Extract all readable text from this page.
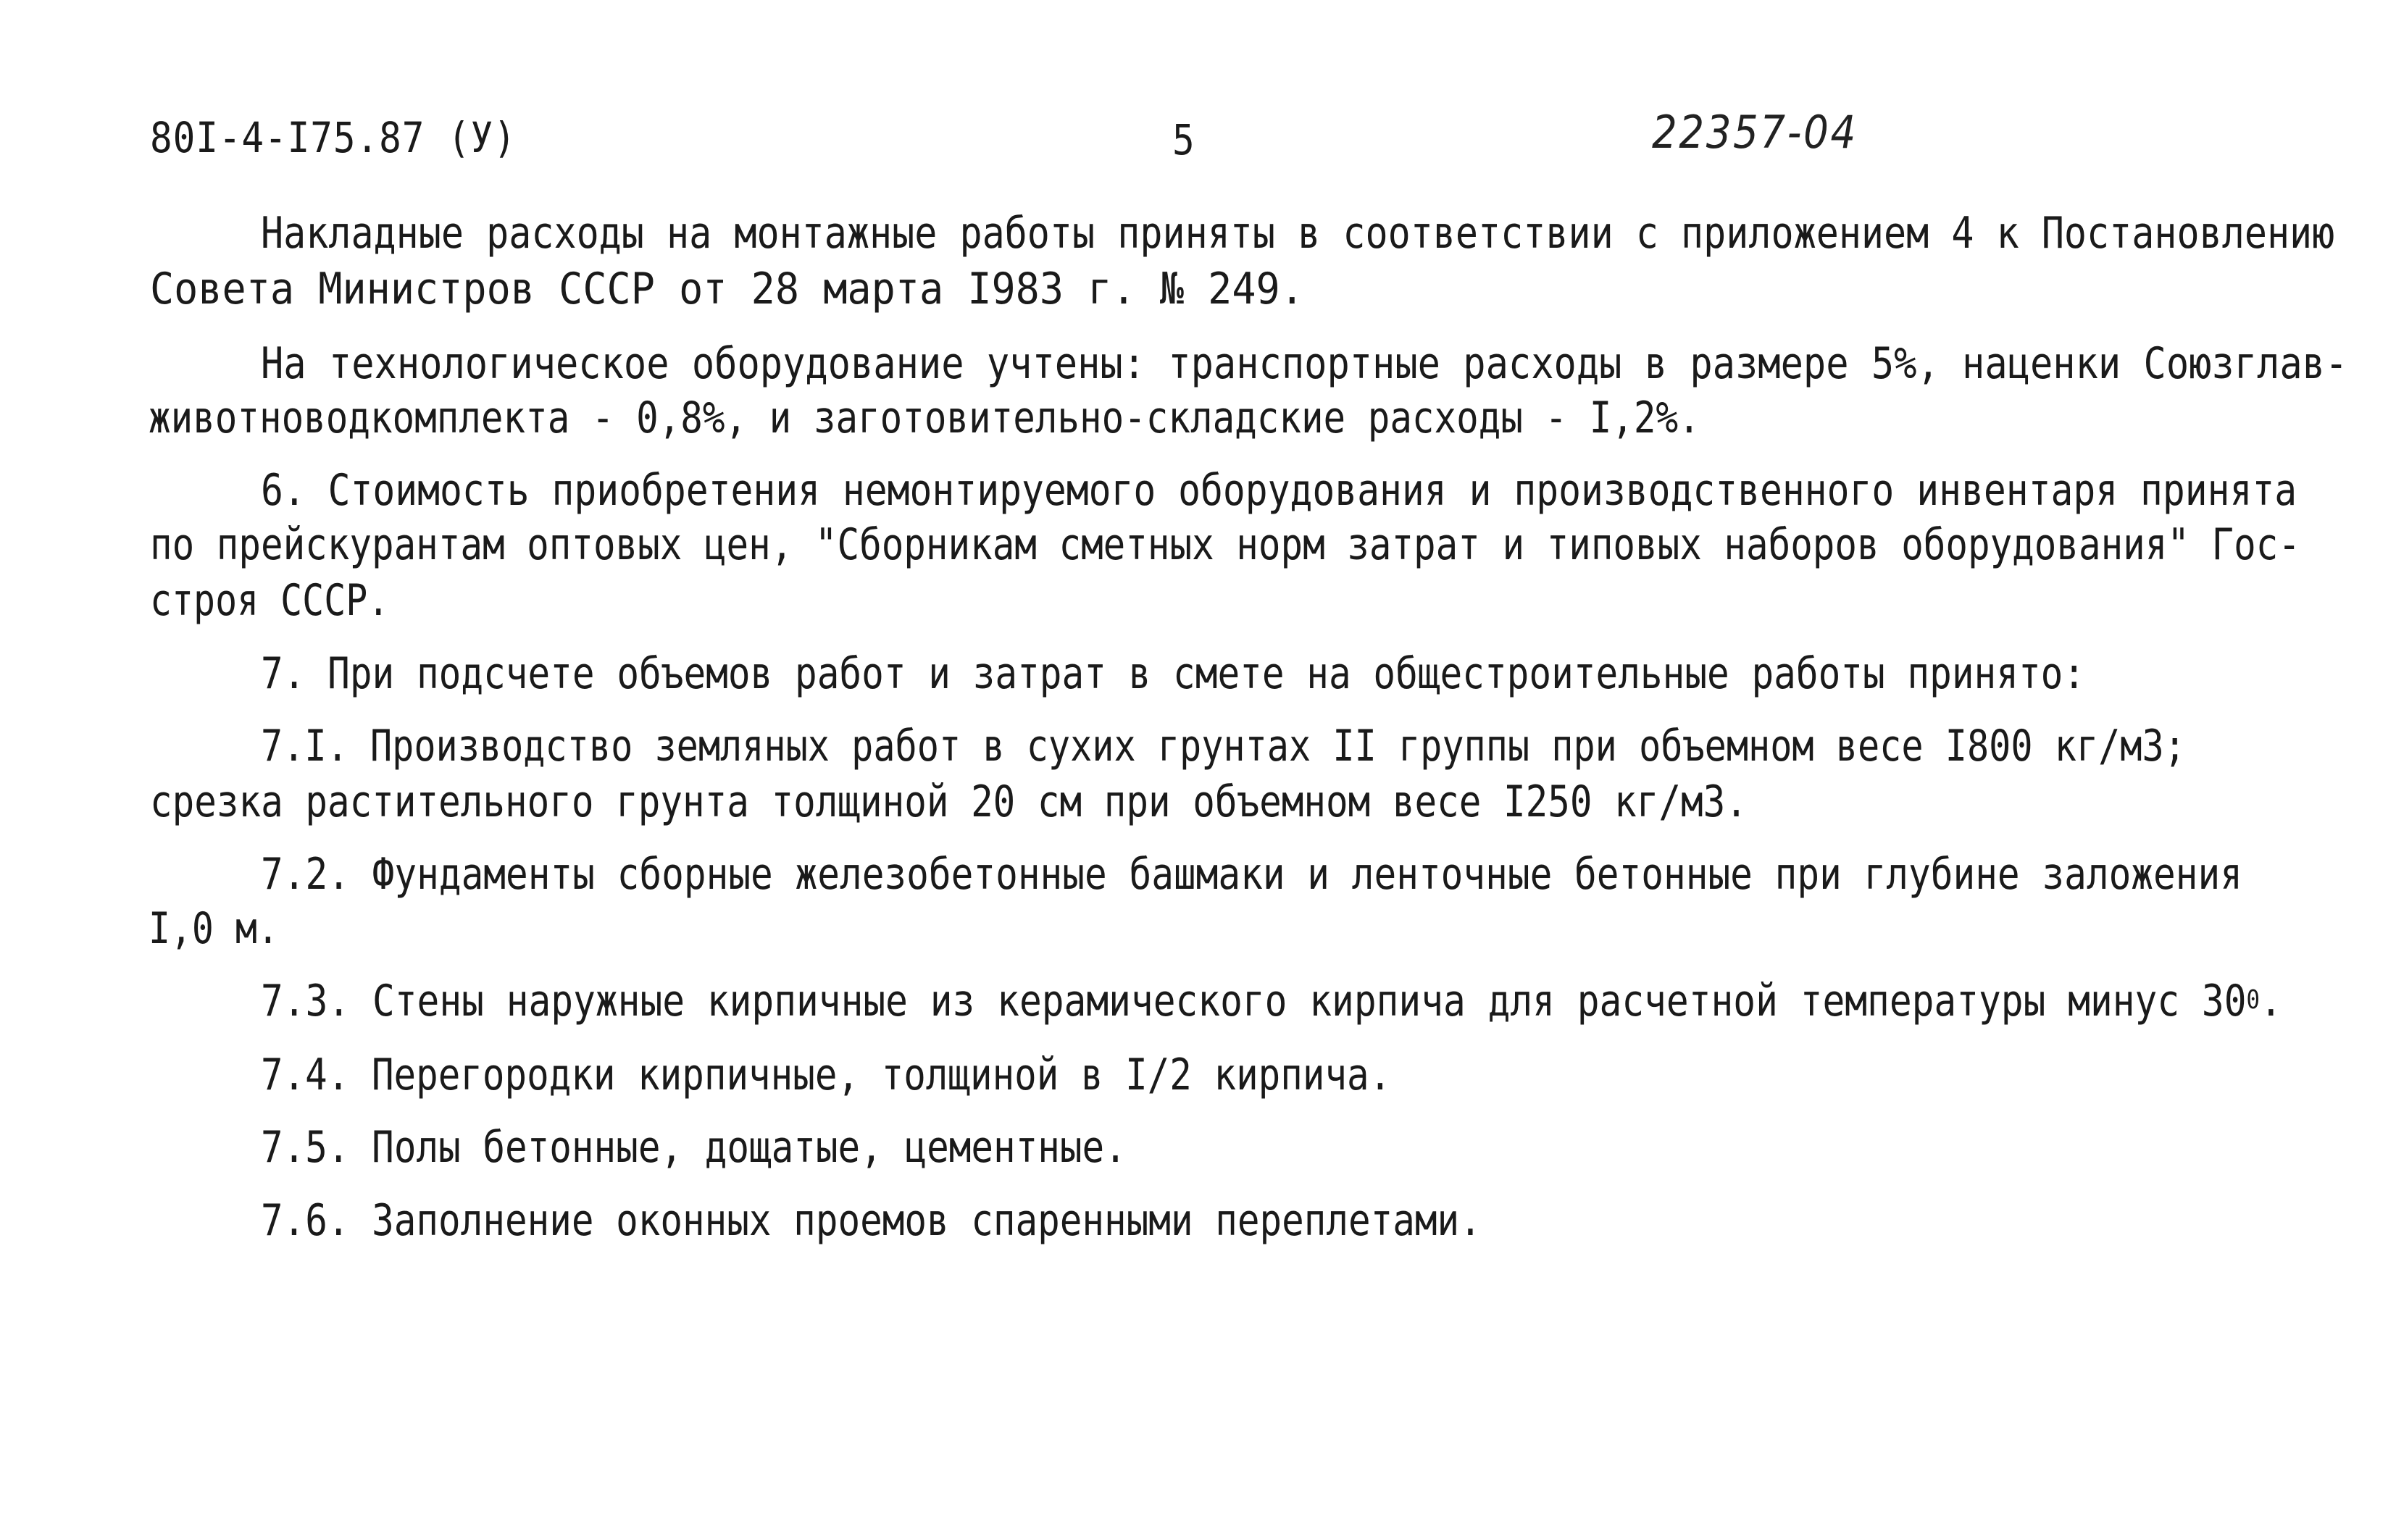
80I-4-I75.87 (У)	5	22357-04
Накладные расходы на монтажные работы приняты в соответствии с приложением 4 к Постановлению
Совета Министров СССР от 28 марта I983 г. № 249.
На технологическое оборудование учтены: транспортные расходы в размере 5%, наценки Союзглав-
животноводкомплекта - 0,8%, и заготовительно-складские расходы - I,2%.
6. Стоимость приобретения немонтируемого оборудования и производственного инвентаря принята
по прейскурантам оптовых цен, "Сборникам сметных норм затрат и типовых наборов оборудования" Гос-
строя СССР.
7. При подсчете объемов работ и затрат в смете на общестроительные работы принято:
7.I. Производство земляных работ в сухих грунтах II группы при объемном весе I800 кг/м3;
срезка растительного грунта толщиной 20 см при объемном весе I250 кг/м3.
7.2. Фундаменты сборные железобетонные башмаки и ленточные бетонные при глубине заложения
I,0 м.
7.3. Стены наружные кирпичные из керамического кирпича для расчетной температуры минус $30^0$.
7.4. Перегородки кирпичные, толщиной в I/2 кирпича.
7.5. Полы бетонные, дощатые, цементные.
7.6. Заполнение оконных проемов спаренными переплетами.
